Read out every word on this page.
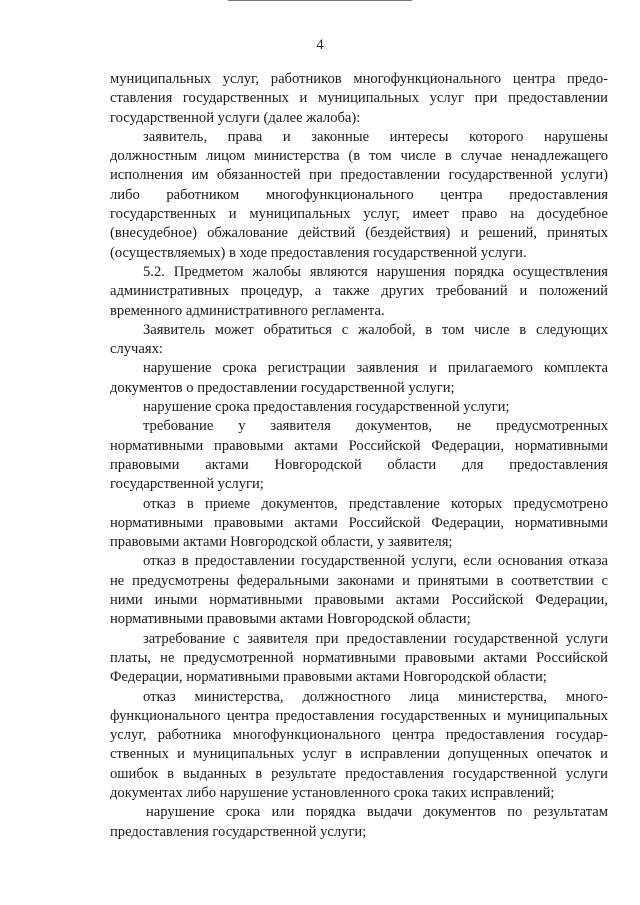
4
муниципальных услуг, работников многофункционального центра предо-
ставления государственных и муниципальных услуг при предоставлении
государственной услуги (далее жалоба):
заявитель, права и законные интересы которого нарушены
должностным лицом министерства (в том числе в случае ненадлежащего
исполнения им обязанностей при предоставлении государственной услуги)
либо работником многофункционального центра предоставления
государственных и муниципальных услуг, имеет право на досудебное
(внесудебное) обжалование действий (бездействия) и решений, принятых
(осуществляемых) в ходе предоставления государственной услуги.
5.2. Предметом жалобы являются нарушения порядка осуществления
административных процедур, а также других требований и положений
временного административного регламента.
Заявитель может обратиться с жалобой, в том числе в следующих
случаях:
нарушение срока регистрации заявления и прилагаемого комплекта
документов о предоставлении государственной услуги;
нарушение срока предоставления государственной услуги;
требование у заявителя документов, не предусмотренных
нормативными правовыми актами Российской Федерации, нормативными
правовыми актами Новгородской области для предоставления
государственной услуги;
отказ в приеме документов, представление которых предусмотрено
нормативными правовыми актами Российской Федерации, нормативными
правовыми актами Новгородской области, у заявителя;
отказ в предоставлении государственной услуги, если основания отказа
не предусмотрены федеральными законами и принятыми в соответствии с
ними иными нормативными правовыми актами Российской Федерации,
нормативными правовыми актами Новгородской области;
затребование с заявителя при предоставлении государственной услуги
платы, не предусмотренной нормативными правовыми актами Российской
Федерации, нормативными правовыми актами Новгородской области;
отказ министерства, должностного лица министерства, много-
функционального центра предоставления государственных и муниципальных
услуг, работника многофункционального центра предоставления государ-
ственных и муниципальных услуг в исправлении допущенных опечаток и
ошибок в выданных в результате предоставления государственной услуги
документах либо нарушение установленного срока таких исправлений;
нарушение срока или порядка выдачи документов по результатам
предоставления государственной услуги;
